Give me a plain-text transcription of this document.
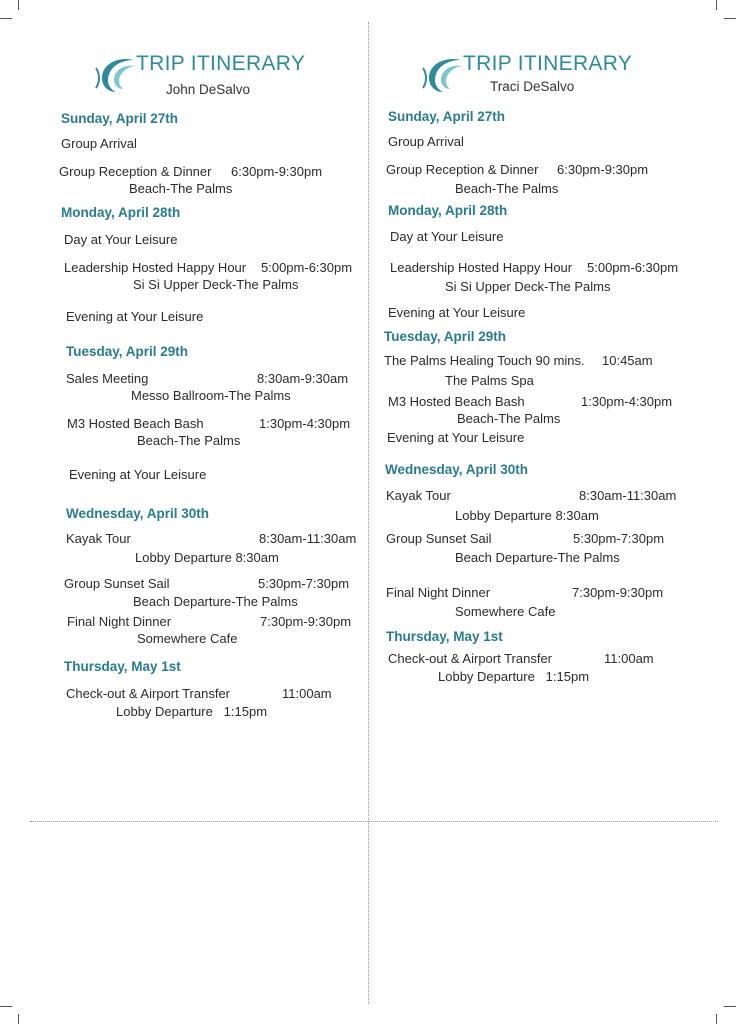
TRIP ITINERARY
John DeSalvo
Sunday, April 27th
Group Arrival
Group Reception & Dinner 6:30pm-9:30pm
Beach-The Palms
Monday, April 28th
Day at Your Leisure
Leadership Hosted Happy Hour 5:00pm-6:30pm
Si Si Upper Deck-The Palms
Evening at Your Leisure
Tuesday, April 29th
Sales Meeting	8:30am-9:30am
Messo Ballroom-The Palms
M3 Hosted Beach Bash	1:30pm-4:30pm
Beach-The Palms
Evening at Your Leisure
Wednesday, April 30th
Kayak Tour	8:30am-11:30am
Lobby Departure 8:30am
Group Sunset Sail	5:30pm-7:30pm
Beach Departure-The Palms
Final Night Dinner	7:30pm-9:30pm
Somewhere Cafe
Thursday, May 1st
Check-out & Airport Transfer	11:00am
Lobby Departure   1:15pm
TRIP ITINERARY
Traci DeSalvo
Sunday, April 27th
Group Arrival
Group Reception & Dinner 6:30pm-9:30pm
Beach-The Palms
Monday, April 28th
Day at Your Leisure
Leadership Hosted Happy Hour 5:00pm-6:30pm
Si Si Upper Deck-The Palms
Evening at Your Leisure
Tuesday, April 29th
The Palms Healing Touch 90 mins. 10:45am
The Palms Spa
M3 Hosted Beach Bash	1:30pm-4:30pm
Beach-The Palms
Evening at Your Leisure
Wednesday, April 30th
Kayak Tour	8:30am-11:30am
Lobby Departure 8:30am
Group Sunset Sail	5:30pm-7:30pm
Beach Departure-The Palms
Final Night Dinner	7:30pm-9:30pm
Somewhere Cafe
Thursday, May 1st
Check-out & Airport Transfer	11:00am
Lobby Departure   1:15pm
